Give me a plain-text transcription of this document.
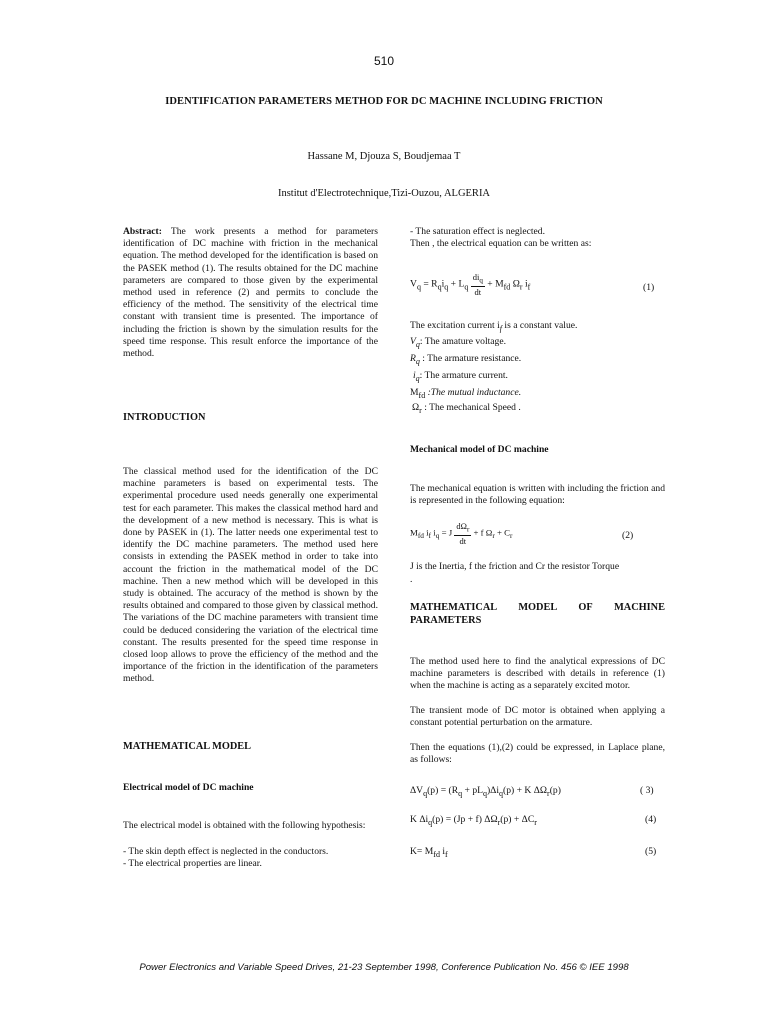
510
IDENTIFICATION PARAMETERS METHOD FOR DC MACHINE INCLUDING FRICTION
Hassane M, Djouza S, Boudjemaa T
Institut d'Electrotechnique,Tizi-Ouzou, ALGERIA
Abstract: The work presents a method for parameters identification of DC machine with friction in the mechanical equation. The method developed for the identification is based on the PASEK method (1). The results obtained for the DC machine parameters are compared to those given by the experimental method used in reference (2) and permits to conclude the efficiency of the method. The sensitivity of the electrical time constant with transient time is presented. The importance of including the friction is shown by the simulation results for the speed time response. This result enforce the importance of the method.
INTRODUCTION
The classical method used for the identification of the DC machine parameters is based on experimental tests. The experimental procedure used needs generally one experimental test for each parameter. This makes the classical method hard and the development of a new method is necessary. This is what is done by PASEK in (1). The latter needs one experimental test to identify the DC machine parameters. The method used here consists in extending the PASEK method in order to take into account the friction in the mathematical model of the DC machine. Then a new method which will be developed in this study is obtained. The accuracy of the method is shown by the results obtained and compared to those given by classical method. The variations of the DC machine parameters with transient time could be deduced considering the variation of the electrical time constant. The results presented for the speed time response in closed loop allows to prove the efficiency of the method and the importance of the friction in the identification of the parameters method.
MATHEMATICAL MODEL
Electrical model of DC machine
The electrical model is obtained with the following hypothesis:
- The skin depth effect is neglected in the conductors.
- The electrical properties are linear.
- The saturation effect is neglected.
Then , the electrical equation can be written as:
$V_q = R_qi_q + L_q \frac{di_q}{dt} + M_{fd}$ $\Omega_r$ $i_f$	(1)
The excitation current $i_f$ is a constant value.
$V_q$: The amature voltage.
$R_q$ : The armature resistance.
$i_q$: The armature current.
$M_{fd}$ :The mutual inductance.
$\Omega_r$ : The mechanical Speed .
Mechanical model of DC machine
The mechanical equation is written with including the friction and is represented in the following equation:
$M_{fd}$ $i_f$ $i_q = J \frac{d\Omega_r}{dt} + f$ $\Omega_r + C_r$	(2)
J is the Inertia, f the friction and Cr the resistor Torque
.
MATHEMATICAL MODEL OF MACHINE
PARAMETERS
The method used here to find the analytical expressions of DC machine parameters is described with details in reference (1) when the machine is acting as a separately excited motor.
The transient mode of DC motor is obtained when applying a constant potential perturbation on the armature.
Then the equations (1),(2) could be expressed, in Laplace plane, as follows:
$\Delta V_q(p) = (R_q + pL_q)\Delta i_q(p) + K$ $\Delta\Omega_r(p)$	( 3)
K $\Delta i_q(p) = (Jp + f) \Delta\Omega_r(p) + \Delta C_r$	(4)
$K= M_{fd}$ $i_f$	(5)
Power Electronics and Variable Speed Drives, 21-23 September 1998, Conference Publication No. 456 © IEE 1998
